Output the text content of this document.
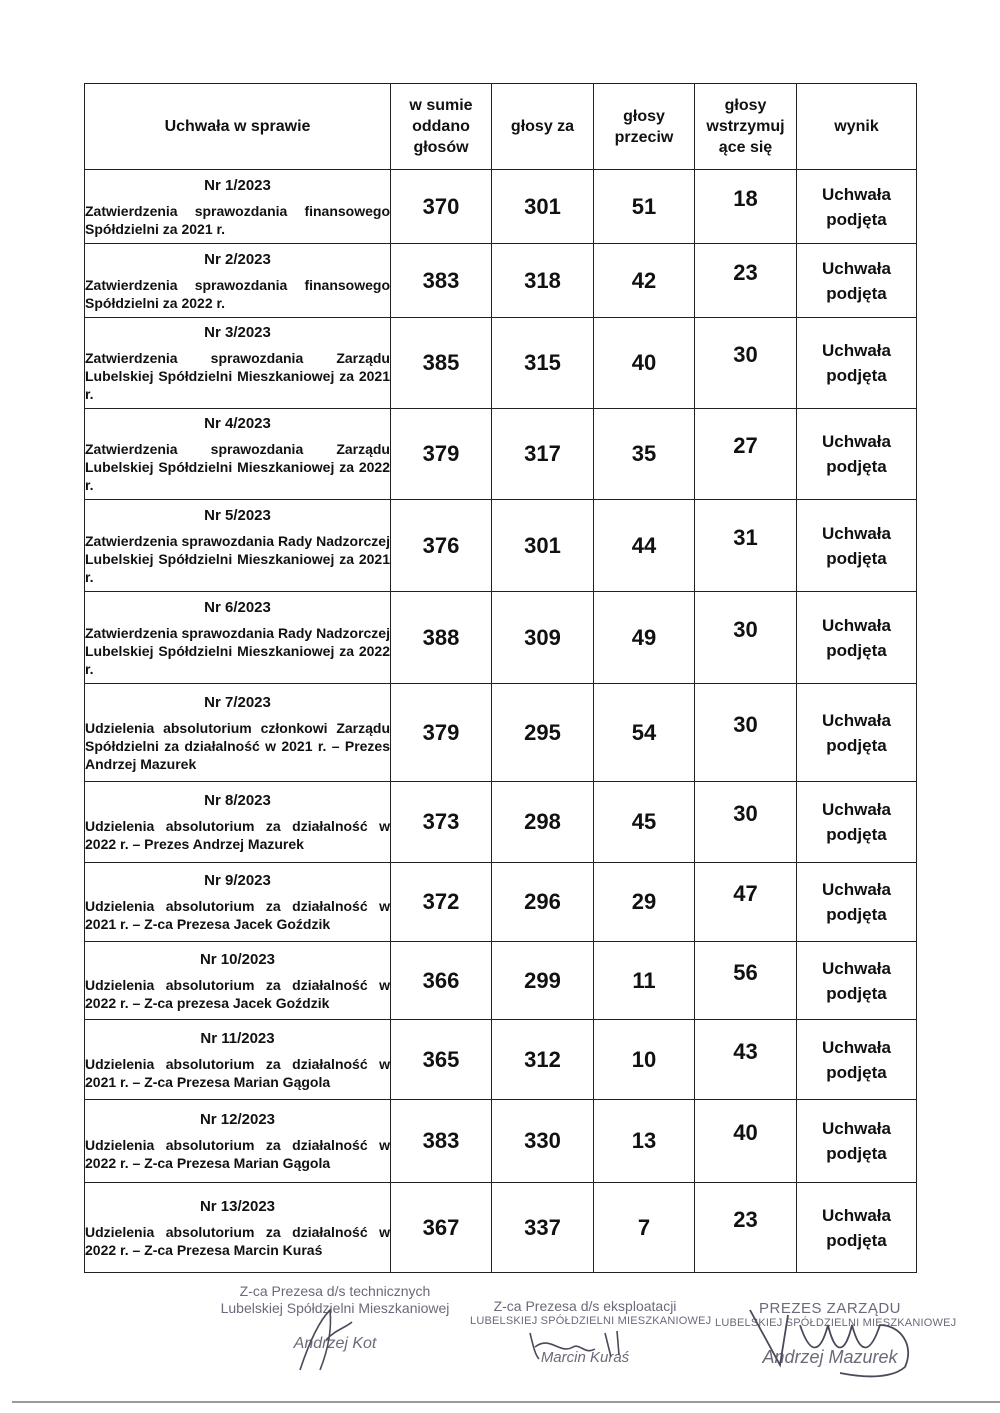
Uchwała w sprawie	w sumie oddano głosów	głosy za	głosy przeciw	głosy wstrzymuj ące się	wynik

Nr 1/2023
Zatwierdzenia sprawozdania finansowego Spółdzielni za 2021 r.	370	301	51	18	Uchwała
podjęta

Nr 2/2023
Zatwierdzenia sprawozdania finansowego Spółdzielni za 2022 r.	383	318	42	23	Uchwała
podjęta

Nr 3/2023
Zatwierdzenia sprawozdania Zarządu Lubelskiej Spółdzielni Mieszkaniowej za 2021 r.	385	315	40	30	Uchwała
podjęta

Nr 4/2023
Zatwierdzenia sprawozdania Zarządu Lubelskiej Spółdzielni Mieszkaniowej za 2022 r.	379	317	35	27	Uchwała
podjęta

Nr 5/2023
Zatwierdzenia sprawozdania Rady Nadzorczej Lubelskiej Spółdzielni Mieszkaniowej za 2021 r.	376	301	44	31	Uchwała
podjęta

Nr 6/2023
Zatwierdzenia sprawozdania Rady Nadzorczej Lubelskiej Spółdzielni Mieszkaniowej za 2022 r.	388	309	49	30	Uchwała
podjęta

Nr 7/2023
Udzielenia absolutorium członkowi Zarządu Spółdzielni za działalność w 2021 r. – Prezes Andrzej Mazurek	379	295	54	30	Uchwała
podjęta

Nr 8/2023
Udzielenia absolutorium za działalność w 2022 r. – Prezes Andrzej Mazurek	373	298	45	30	Uchwała
podjęta

Nr 9/2023
Udzielenia absolutorium za działalność w 2021 r. – Z-ca Prezesa Jacek Goździk	372	296	29	47	Uchwała
podjęta

Nr 10/2023
Udzielenia absolutorium za działalność w 2022 r. – Z-ca prezesa Jacek Goździk	366	299	11	56	Uchwała
podjęta

Nr 11/2023
Udzielenia absolutorium za działalność w 2021 r. – Z-ca Prezesa Marian Gągola	365	312	10	43	Uchwała
podjęta

Nr 12/2023
Udzielenia absolutorium za działalność w 2022 r. – Z-ca Prezesa Marian Gągola	383	330	13	40	Uchwała
podjęta

Nr 13/2023
Udzielenia absolutorium za działalność w 2022 r. – Z-ca Prezesa Marcin Kuraś	367	337	7	23	Uchwała
podjęta
Z-ca Prezesa d/s technicznych
Lubelskiej Spółdzielni Mieszkaniowej
Andrzej Kot
Z-ca Prezesa d/s eksploatacji
LUBELSKIEJ SPÓŁDZIELNI MIESZKANIOWEJ
Marcin Kuraś
PREZES ZARZĄDU
LUBELSKIEJ SPÓŁDZIELNI MIESZKANIOWEJ
Andrzej Mazurek
